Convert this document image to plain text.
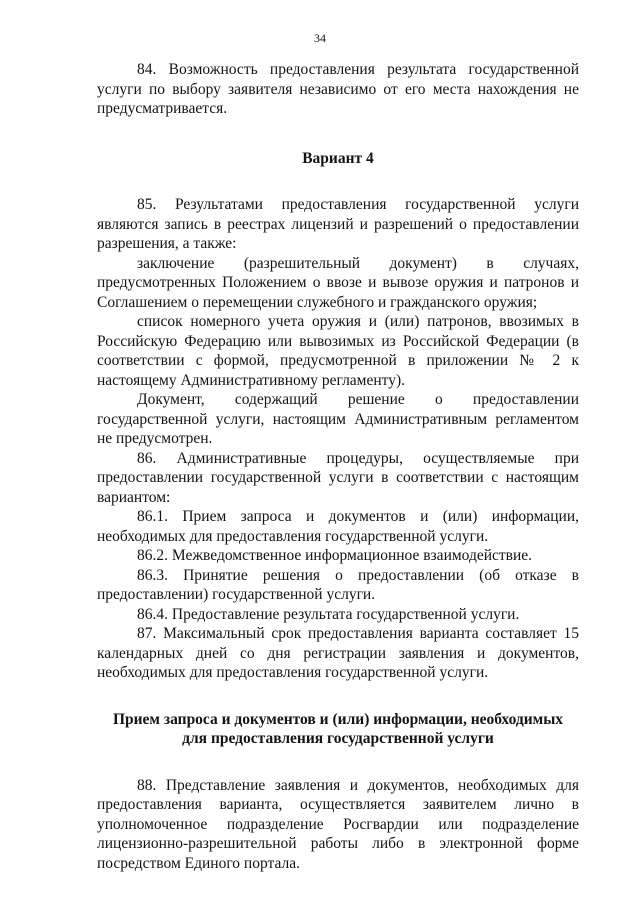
34

84. Возможность предоставления результата государственной услуги по выбору заявителя независимо от его места нахождения не предусматривается.

Вариант 4

85. Результатами предоставления государственной услуги являются запись в реестрах лицензий и разрешений о предоставлении разрешения, а также:

заключение (разрешительный документ) в случаях, предусмотренных Положением о ввозе и вывозе оружия и патронов и Соглашением о перемещении служебного и гражданского оружия;

список номерного учета оружия и (или) патронов, ввозимых в Российскую Федерацию или вывозимых из Российской Федерации (в соответствии с формой, предусмотренной в приложении № 2 к настоящему Административному регламенту).

Документ, содержащий решение о предоставлении государственной услуги, настоящим Административным регламентом не предусмотрен.

86. Административные процедуры, осуществляемые при предоставлении государственной услуги в соответствии с настоящим вариантом:

86.1. Прием запроса и документов и (или) информации, необходимых для предоставления государственной услуги.

86.2. Межведомственное информационное взаимодействие.

86.3. Принятие решения о предоставлении (об отказе в предоставлении) государственной услуги.

86.4. Предоставление результата государственной услуги.

87. Максимальный срок предоставления варианта составляет 15 календарных дней со дня регистрации заявления и документов, необходимых для предоставления государственной услуги.

Прием запроса и документов и (или) информации, необходимых

для предоставления государственной услуги

88. Представление заявления и документов, необходимых для предоставления варианта, осуществляется заявителем лично в уполномоченное подразделение Росгвардии или подразделение лицензионно-разрешительной работы либо в электронной форме посредством Единого портала.
